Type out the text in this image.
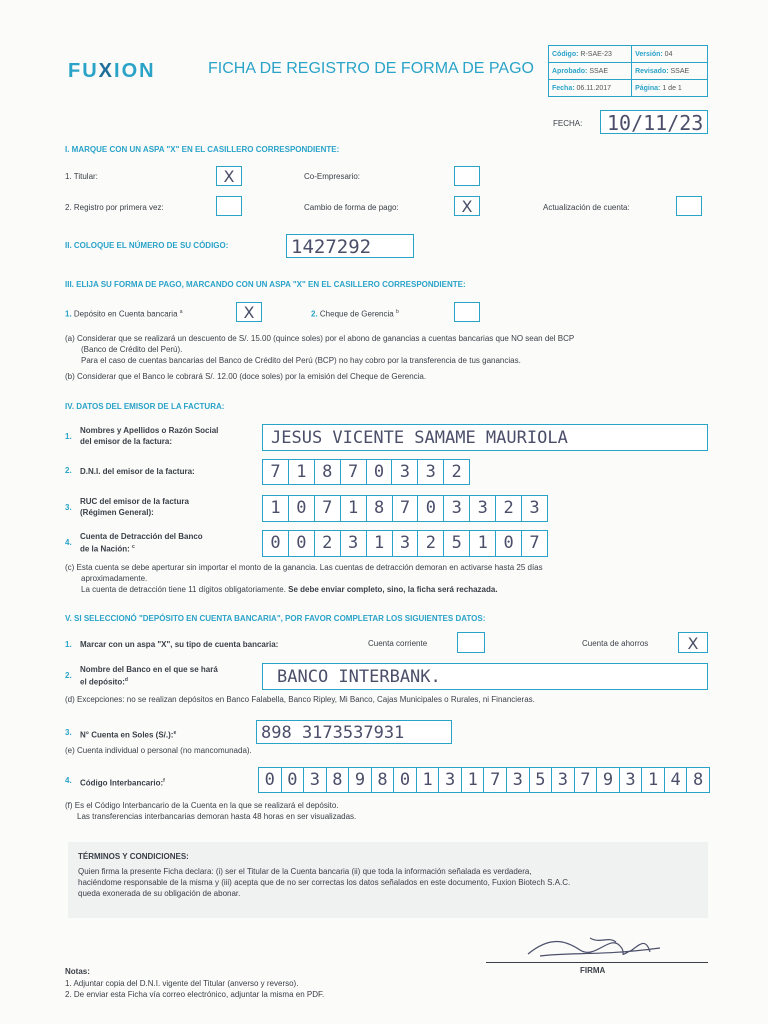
FUXION	FICHA DE REGISTRO DE FORMA DE PAGO
Código: R-SAE-23	Versión: 04
Aprobado: SSAE	Revisado: SSAE
Fecha: 06.11.2017	Página: 1 de 1
FECHA:	10/11/23
I. MARQUE CON UN ASPA "X" EN EL CASILLERO CORRESPONDIENTE:
1. Titular:	X	Co-Empresario:
2. Registro por primera vez:	Cambio de forma de pago:	X	Actualización de cuenta:
II. COLOQUE EL NÚMERO DE SU CÓDIGO:	1427292
III. ELIJA SU FORMA DE PAGO, MARCANDO CON UN ASPA "X" EN EL CASILLERO CORRESPONDIENTE:
1. Depósito en Cuenta bancaria $^a$	X	2. Cheque de Gerencia $^b$
(a) Considerar que se realizará un descuento de S/. 15.00 (quince soles) por el abono de ganancias a cuentas bancarias que NO sean del BCP
(Banco de Crédito del Perú).
Para el caso de cuentas bancarias del Banco de Crédito del Perú (BCP) no hay cobro por la transferencia de tus ganancias.
(b) Considerar que el Banco le cobrará S/. 12.00 (doce soles) por la emisión del Cheque de Gerencia.
IV. DATOS DEL EMISOR DE LA FACTURA:
1.
Nombres y Apellidos o Razón Social
del emisor de la factura:	JESUS VICENTE SAMAME MAURIOLA
2. D.N.I. del emisor de la factura:	7 1 8 7 0 3 3 2
3.
RUC del emisor de la factura
(Régimen General):	1 0 7 1 8 7 0 3 3 2 3
4.
Cuenta de Detracción del Banco
de la Nación: $^c$	0 0 2 3 1 3 2 5 1 0 7
(c) Esta cuenta se debe aperturar sin importar el monto de la ganancia. Las cuentas de detracción demoran en activarse hasta 25 días
aproximadamente.
La cuenta de detracción tiene 11 dígitos obligatoriamente. Se debe enviar completo, sino, la ficha será rechazada.
V. SI SELECCIONÓ "DEPÓSITO EN CUENTA BANCARIA", POR FAVOR COMPLETAR LOS SIGUIENTES DATOS:
1. Marcar con un aspa "X", su tipo de cuenta bancaria:	Cuenta corriente	Cuenta de ahorros	X
2.
Nombre del Banco en el que se hará
el depósito:$^d$	BANCO INTERBANK.
(d) Excepciones: no se realizan depósitos en Banco Falabella, Banco Ripley, Mi Banco, Cajas Municipales o Rurales, ni Financieras.
3. N° Cuenta en Soles (S/.):$^e$	898 3173537931
(e) Cuenta individual o personal (no mancomunada).
4. Código Interbancario:$^f$	0 0 3 8 9 8 0 1 3 1 7 3 5 3 7 9 3 1 4 8
(f) Es el Código Interbancario de la Cuenta en la que se realizará el depósito.
Las transferencias interbancarias demoran hasta 48 horas en ser visualizadas.
TÉRMINOS Y CONDICIONES:
Quien firma la presente Ficha declara: (i) ser el Titular de la Cuenta bancaria (ii) que toda la información señalada es verdadera,
haciéndome responsable de la misma y (iii) acepta que de no ser correctas los datos señalados en este documento, Fuxion Biotech S.A.C.
queda exonerada de su obligación de abonar.
FIRMA
Notas:
1. Adjuntar copia del D.N.I. vigente del Titular (anverso y reverso).
2. De enviar esta Ficha vía correo electrónico, adjuntar la misma en PDF.
